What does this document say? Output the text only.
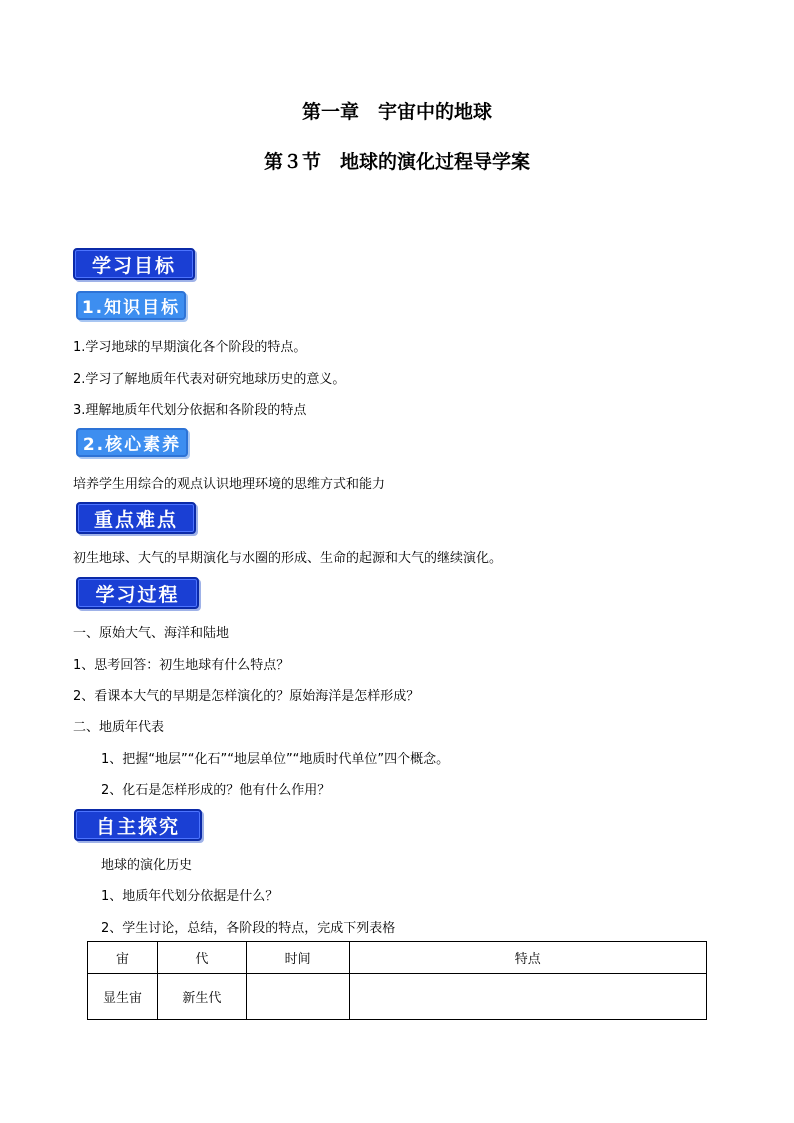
第一章　宇宙中的地球
第３节　地球的演化过程导学案
学习目标
1.知识目标
1.学习地球的早期演化各个阶段的特点。
2.学习了解地质年代表对研究地球历史的意义。
3.理解地质年代划分依据和各阶段的特点
2.核心素养
培养学生用综合的观点认识地理环境的思维方式和能力
重点难点
初生地球、大气的早期演化与水圈的形成、生命的起源和大气的继续演化。
学习过程
一、原始大气、海洋和陆地
1、思考回答：初生地球有什么特点？
2、看课本大气的早期是怎样演化的？原始海洋是怎样形成？
二、地质年代表
1、把握“地层”“化石”“地层单位”“地质时代单位”四个概念。
2、化石是怎样形成的？他有什么作用？
自主探究
地球的演化历史
1、地质年代划分依据是什么？
2、学生讨论，总结，各阶段的特点，完成下列表格
宙	代	时间	特点
显生宙	新生代		
